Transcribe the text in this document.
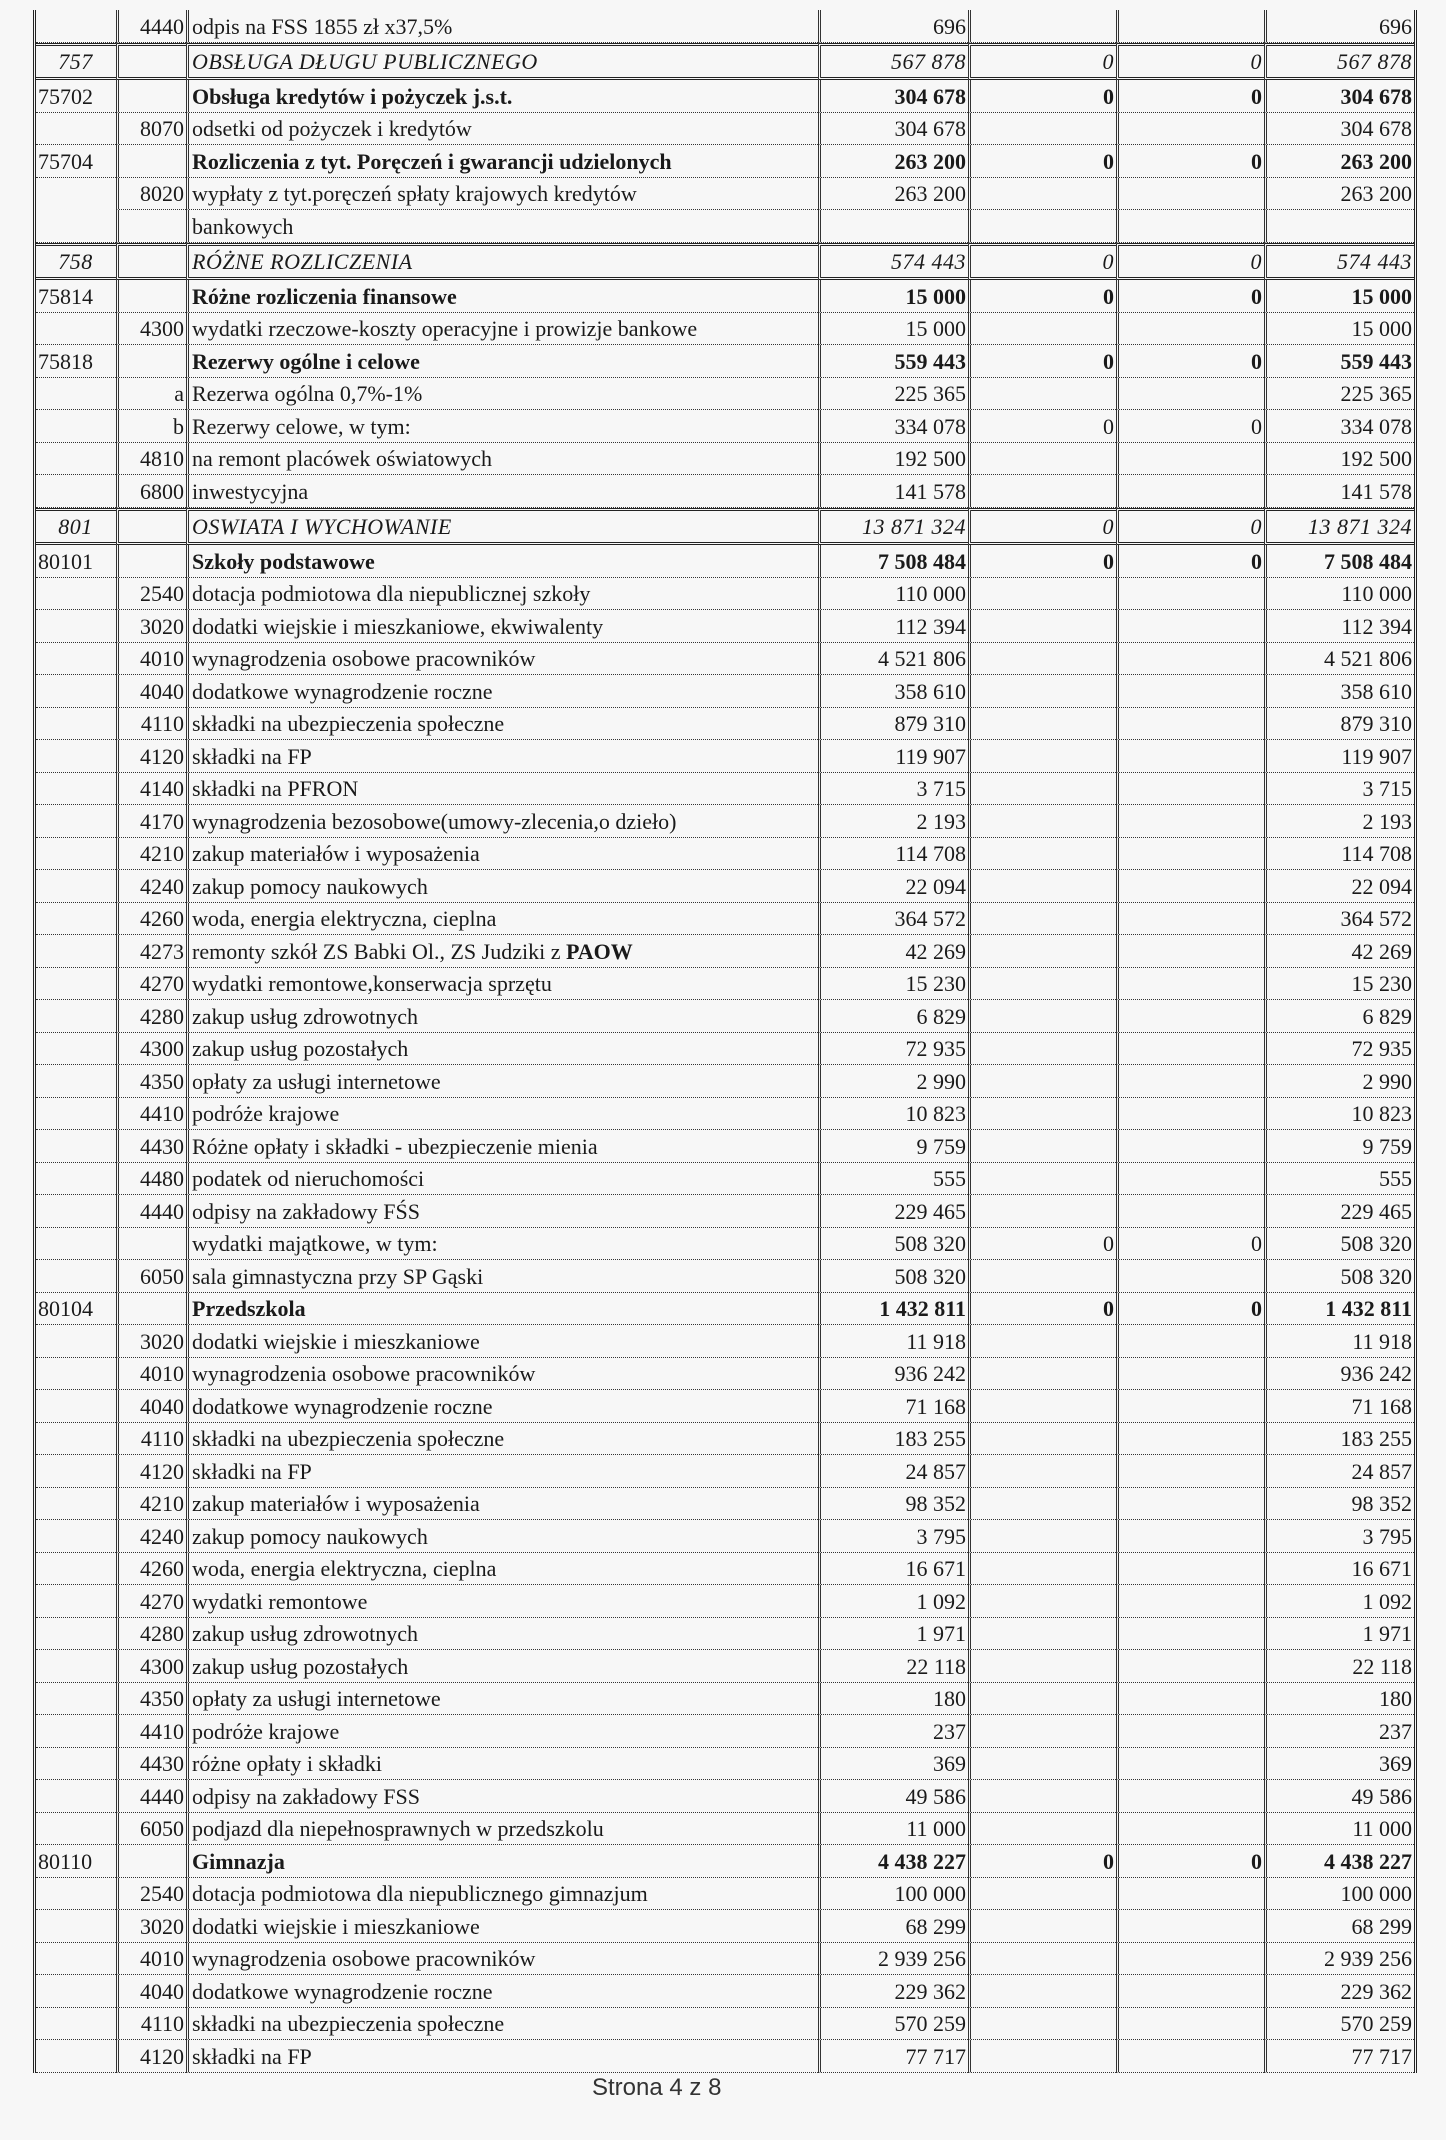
	4440	odpis na FSS 1855 zł x37,5%	696			696
757		OBSŁUGA DŁUGU PUBLICZNEGO	567 878	0	0	567 878
75702		Obsługa kredytów i pożyczek j.s.t.	304 678	0	0	304 678
	8070	odsetki od pożyczek i kredytów	304 678			304 678
75704		Rozliczenia z tyt. Poręczeń i gwarancji udzielonych	263 200	0	0	263 200
	8020	wypłaty z tyt.poręczeń spłaty krajowych kredytów	263 200			263 200
		bankowych				
758		RÓŻNE ROZLICZENIA	574 443	0	0	574 443
75814		Różne rozliczenia finansowe	15 000	0	0	15 000
	4300	wydatki rzeczowe-koszty operacyjne i prowizje bankowe	15 000			15 000
75818		Rezerwy ogólne i celowe	559 443	0	0	559 443
	a	Rezerwa ogólna 0,7%-1%	225 365			225 365
	b	Rezerwy celowe, w tym:	334 078	0	0	334 078
	4810	na remont placówek oświatowych	192 500			192 500
	6800	inwestycyjna	141 578			141 578
801		OSWIATA I WYCHOWANIE	13 871 324	0	0	13 871 324
80101		Szkoły podstawowe	7 508 484	0	0	7 508 484
	2540	dotacja podmiotowa dla niepublicznej szkoły	110 000			110 000
	3020	dodatki wiejskie i mieszkaniowe, ekwiwalenty	112 394			112 394
	4010	wynagrodzenia osobowe pracowników	4 521 806			4 521 806
	4040	dodatkowe wynagrodzenie roczne	358 610			358 610
	4110	składki na ubezpieczenia społeczne	879 310			879 310
	4120	składki na FP	119 907			119 907
	4140	składki na PFRON	3 715			3 715
	4170	wynagrodzenia bezosobowe(umowy-zlecenia,o dzieło)	2 193			2 193
	4210	zakup materiałów i wyposażenia	114 708			114 708
	4240	zakup pomocy naukowych	22 094			22 094
	4260	woda, energia elektryczna, cieplna	364 572			364 572
	4273	remonty szkół ZS Babki Ol., ZS Judziki z PAOW	42 269			42 269
	4270	wydatki remontowe,konserwacja sprzętu	15 230			15 230
	4280	zakup usług zdrowotnych	6 829			6 829
	4300	zakup usług pozostałych	72 935			72 935
	4350	opłaty za usługi internetowe	2 990			2 990
	4410	podróże krajowe	10 823			10 823
	4430	Różne opłaty i składki - ubezpieczenie mienia	9 759			9 759
	4480	podatek od nieruchomości	555			555
	4440	odpisy na zakładowy FŚS	229 465			229 465
		wydatki majątkowe, w tym:	508 320	0	0	508 320
	6050	sala gimnastyczna przy SP Gąski	508 320			508 320
80104		Przedszkola	1 432 811	0	0	1 432 811
	3020	dodatki wiejskie i mieszkaniowe	11 918			11 918
	4010	wynagrodzenia osobowe pracowników	936 242			936 242
	4040	dodatkowe wynagrodzenie roczne	71 168			71 168
	4110	składki na ubezpieczenia społeczne	183 255			183 255
	4120	składki na FP	24 857			24 857
	4210	zakup materiałów i wyposażenia	98 352			98 352
	4240	zakup pomocy naukowych	3 795			3 795
	4260	woda, energia elektryczna, cieplna	16 671			16 671
	4270	wydatki remontowe	1 092			1 092
	4280	zakup usług zdrowotnych	1 971			1 971
	4300	zakup usług pozostałych	22 118			22 118
	4350	opłaty za usługi internetowe	180			180
	4410	podróże krajowe	237			237
	4430	różne opłaty i składki	369			369
	4440	odpisy na zakładowy FSS	49 586			49 586
	6050	podjazd dla niepełnosprawnych w przedszkolu	11 000			11 000
80110		Gimnazja	4 438 227	0	0	4 438 227
	2540	dotacja podmiotowa dla niepublicznego gimnazjum	100 000			100 000
	3020	dodatki wiejskie i mieszkaniowe	68 299			68 299
	4010	wynagrodzenia osobowe pracowników	2 939 256			2 939 256
	4040	dodatkowe wynagrodzenie roczne	229 362			229 362
	4110	składki na ubezpieczenia społeczne	570 259			570 259
	4120	składki na FP	77 717			77 717
Strona 4 z 8
